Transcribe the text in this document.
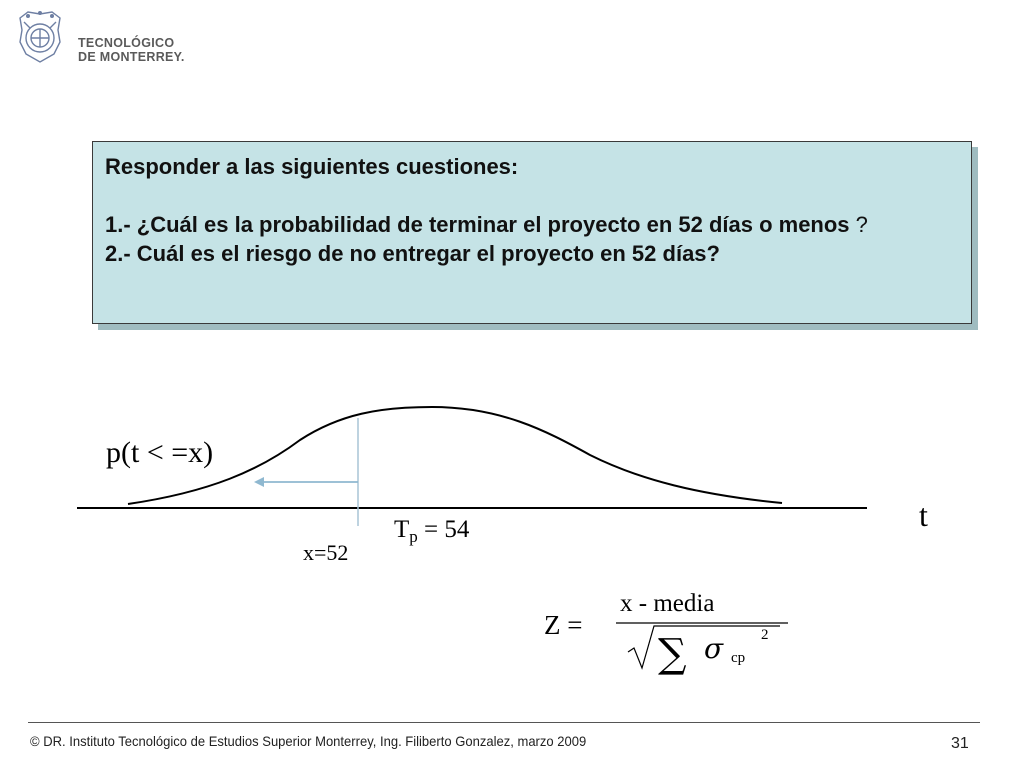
TECNOLÓGICO
DE MONTERREY.

Responder a las siguientes cuestiones:

1.- ¿Cuál es la probabilidad de terminar el proyecto en 52 días o menos ?

2.- Cuál es el riesgo de no entregar el proyecto en 52 días?

p(t < =x)
t
$T_p = 54$
x=52
Z =
x - media
∑ σ cp
2
© DR. Instituto Tecnológico de Estudios Superior Monterrey, Ing. Filiberto Gonzalez, marzo 2009	31
